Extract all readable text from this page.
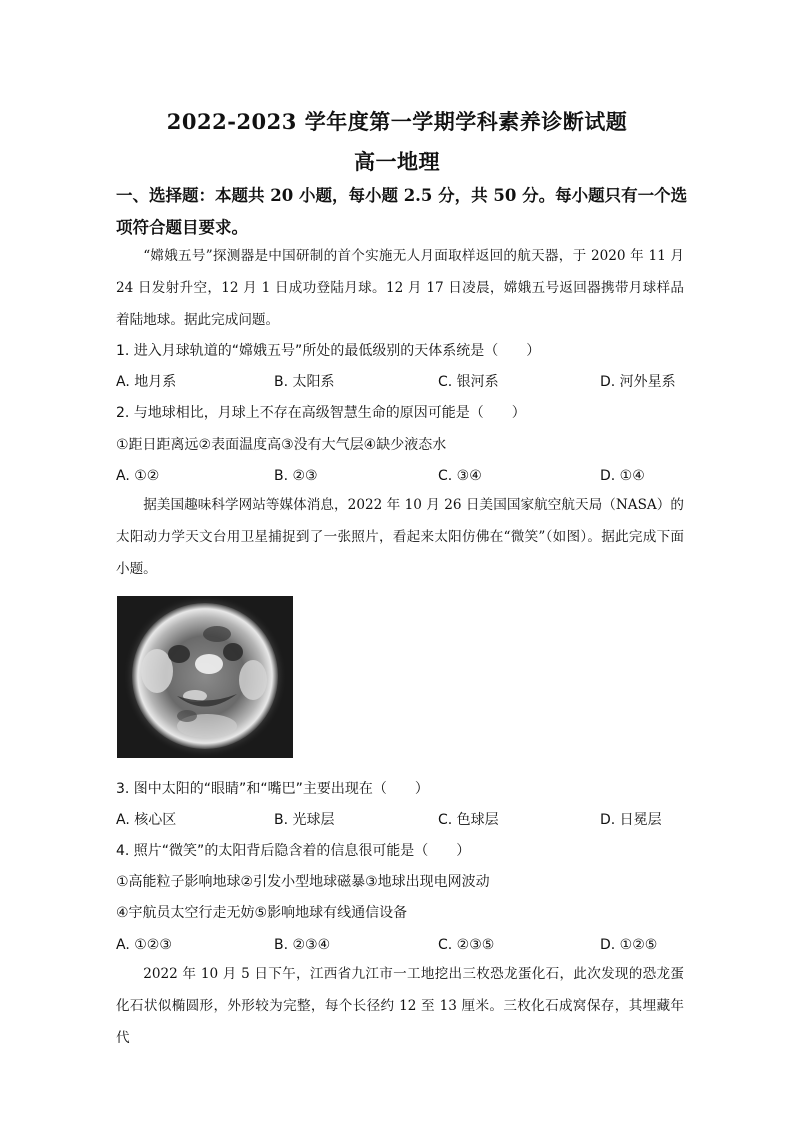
2022-2023 学年度第一学期学科素养诊断试题
高一地理
一、选择题：本题共 20 小题，每小题 2.5 分，共 50 分。每小题只有一个选项符合题目要求。
“嫦娥五号”探测器是中国研制的首个实施无人月面取样返回的航天器，于 2020 年 11 月 24 日发射升空，12 月 1 日成功登陆月球。12 月 17 日凌晨，嫦娥五号返回器携带月球样品着陆地球。据此完成问题。
1. 进入月球轨道的“嫦娥五号”所处的最低级别的天体系统是（　　）
A. 地月系	B. 太阳系	C. 银河系	D. 河外星系
2. 与地球相比，月球上不存在高级智慧生命的原因可能是（　　）
①距日距离远②表面温度高③没有大气层④缺少液态水
A. ①②	B. ②③	C. ③④	D. ①④
据美国趣味科学网站等媒体消息，2022 年 10 月 26 日美国国家航空航天局（NASA）的太阳动力学天文台用卫星捕捉到了一张照片，看起来太阳仿佛在“微笑”（如图）。据此完成下面小题。
3. 图中太阳的“眼睛”和“嘴巴”主要出现在（　　）
A. 核心区	B. 光球层	C. 色球层	D. 日冕层
4. 照片“微笑”的太阳背后隐含着的信息很可能是（　　）
①高能粒子影响地球②引发小型地球磁暴③地球出现电网波动
④宇航员太空行走无妨⑤影响地球有线通信设备
A. ①②③	B. ②③④	C. ②③⑤	D. ①②⑤
2022 年 10 月 5 日下午，江西省九江市一工地挖出三枚恐龙蛋化石，此次发现的恐龙蛋化石状似椭圆形，外形较为完整，每个长径约 12 至 13 厘米。三枚化石成窝保存，其埋藏年代
